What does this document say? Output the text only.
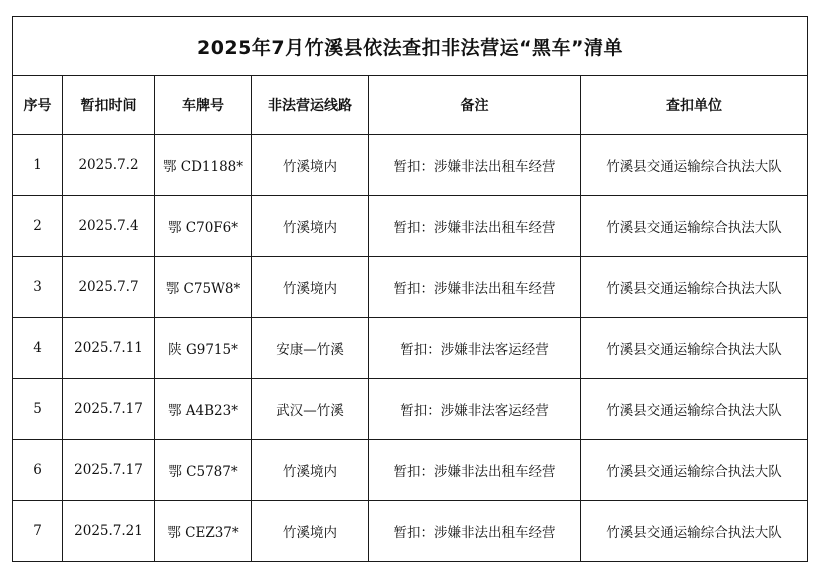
2025年7月竹溪县依法查扣非法营运“黑车”清单					
序号	暂扣时间	车牌号	非法营运线路	备注	查扣单位
1	2025.7.2	鄂 CD1188*	竹溪境内	暂扣：涉嫌非法出租车经营	竹溪县交通运输综合执法大队
2	2025.7.4	鄂 C70F6*	竹溪境内	暂扣：涉嫌非法出租车经营	竹溪县交通运输综合执法大队
3	2025.7.7	鄂 C75W8*	竹溪境内	暂扣：涉嫌非法出租车经营	竹溪县交通运输综合执法大队
4	2025.7.11	陕 G9715*	安康—竹溪	暂扣：涉嫌非法客运经营	竹溪县交通运输综合执法大队
5	2025.7.17	鄂 A4B23*	武汉—竹溪	暂扣：涉嫌非法客运经营	竹溪县交通运输综合执法大队
6	2025.7.17	鄂 C5787*	竹溪境内	暂扣：涉嫌非法出租车经营	竹溪县交通运输综合执法大队
7	2025.7.21	鄂 CEZ37*	竹溪境内	暂扣：涉嫌非法出租车经营	竹溪县交通运输综合执法大队
